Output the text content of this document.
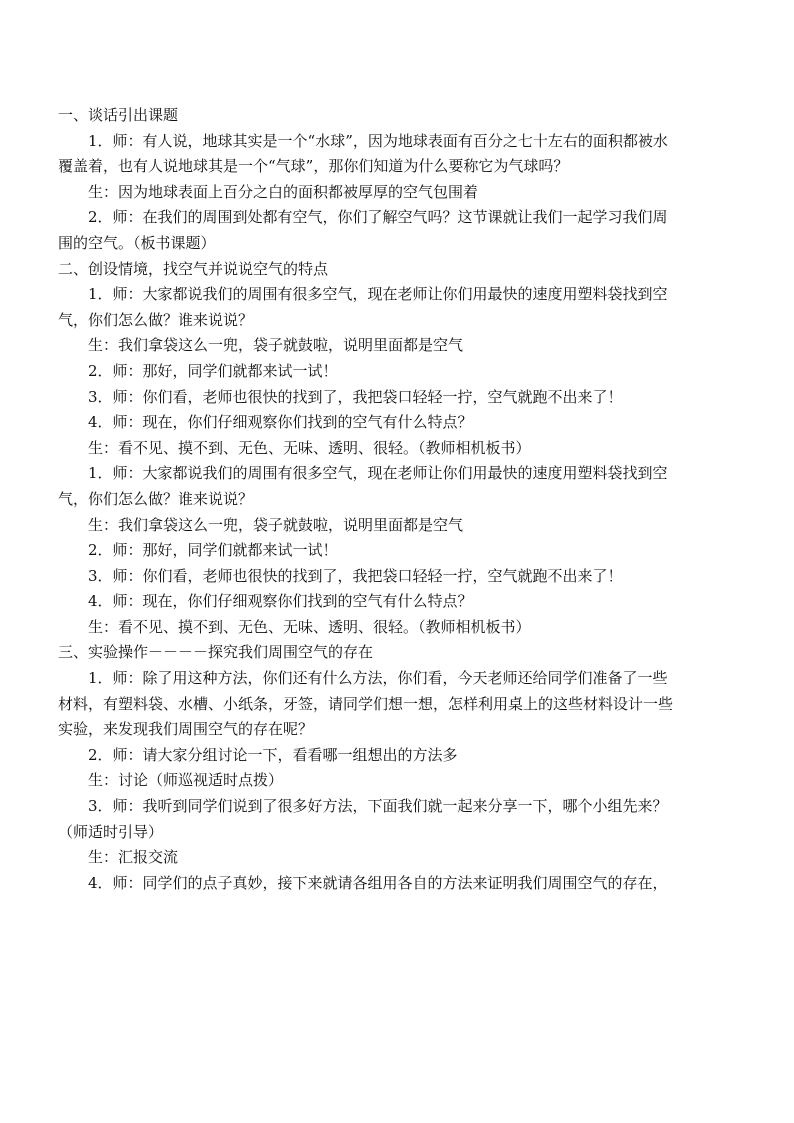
一、谈话引出课题
1．师：有人说，地球其实是一个“水球”，因为地球表面有百分之七十左右的面积都被水
覆盖着，也有人说地球其是一个“气球”，那你们知道为什么要称它为气球吗？
生：因为地球表面上百分之白的面积都被厚厚的空气包围着
2．师：在我们的周围到处都有空气，你们了解空气吗？这节课就让我们一起学习我们周
围的空气。（板书课题）
二、创设情境，找空气并说说空气的特点
1．师：大家都说我们的周围有很多空气，现在老师让你们用最快的速度用塑料袋找到空
气，你们怎么做？谁来说说？
生：我们拿袋这么一兜，袋子就鼓啦，说明里面都是空气
2．师：那好，同学们就都来试一试！
3．师：你们看，老师也很快的找到了，我把袋口轻轻一拧，空气就跑不出来了！
4．师：现在，你们仔细观察你们找到的空气有什么特点？
生：看不见、摸不到、无色、无味、透明、很轻。（教师相机板书）
1．师：大家都说我们的周围有很多空气，现在老师让你们用最快的速度用塑料袋找到空
气，你们怎么做？谁来说说？
生：我们拿袋这么一兜，袋子就鼓啦，说明里面都是空气
2．师：那好，同学们就都来试一试！
3．师：你们看，老师也很快的找到了，我把袋口轻轻一拧，空气就跑不出来了！
4．师：现在，你们仔细观察你们找到的空气有什么特点？
生：看不见、摸不到、无色、无味、透明、很轻。（教师相机板书）
三、实验操作－－－－探究我们周围空气的存在
1．师：除了用这种方法，你们还有什么方法，你们看，今天老师还给同学们准备了一些
材料，有塑料袋、水槽、小纸条，牙签，请同学们想一想，怎样利用桌上的这些材料设计一些
实验，来发现我们周围空气的存在呢？
2．师：请大家分组讨论一下，看看哪一组想出的方法多
生：讨论（师巡视适时点拨）
3．师：我听到同学们说到了很多好方法，下面我们就一起来分享一下，哪个小组先来？
（师适时引导）
生：汇报交流
4．师：同学们的点子真妙，接下来就请各组用各自的方法来证明我们周围空气的存在，
